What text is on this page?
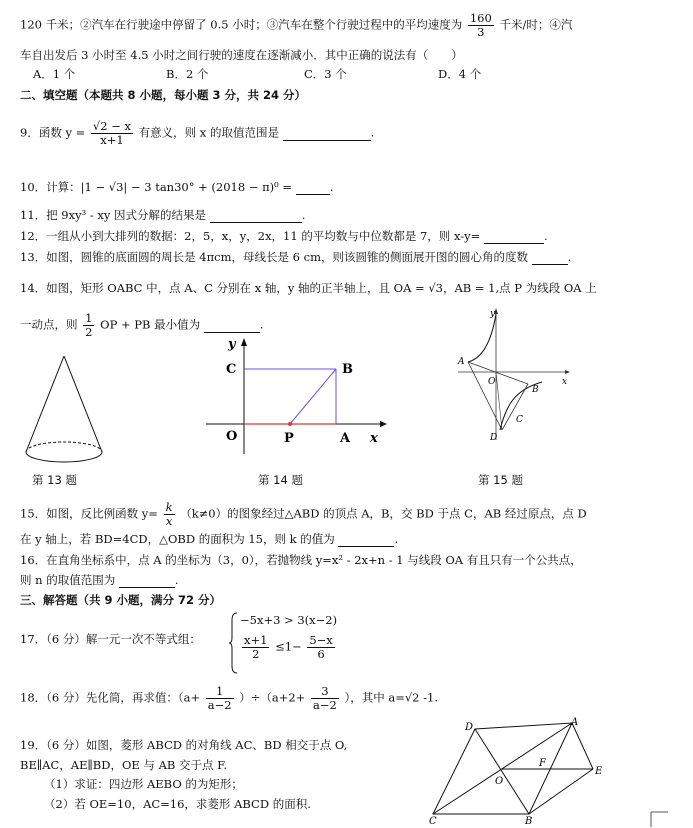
120 千米；②汽车在行驶途中停留了 0.5 小时；③汽车在整个行驶过程中的平均速度为 $\frac{160}{3}$ 千米/时；④汽
车自出发后 3 小时至 4.5 小时之间行驶的速度在逐渐减小．其中正确的说法有（　　）
A．1 个	B．2 个	C．3 个	D．4 个
二、填空题（本题共 8 小题，每小题 3 分，共 24 分）
9．函数 $y = \frac{√2 - x}{x+1}$ 有意义，则 x 的取值范围是	.
10．计算：|1 − √3| − 3 tan30° + (2018 − π)⁰ =	.
11．把 9xy³ - xy 因式分解的结果是	.
12．一组从小到大排列的数据：2，5，x，y，2x，11 的平均数与中位数都是 7，则 x-y=	.
13．如图，圆锥的底面圆的周长是 4πcm，母线长是 6 cm，则该圆锥的侧面展开图的圆心角的度数	.
14．如图，矩形 OABC 中，点 A、C 分别在 x 轴，y 轴的正半轴上，且 OA = √3，AB = 1,点 P 为线段 OA 上
一动点，则 $\frac{1}{2}$ OP + PB 最小值为	.
y
C	B
O	P	A x
y
A
O	x
B
C
D
第 13 题	第 14 题	第 15 题
15．如图，反比例函数 $y= \frac{k}{x} (k\ne 0)$的图象经过△ABD 的顶点 A，B，交 BD 于点 C，AB 经过原点，点 D
在 y 轴上，若 BD=4CD，△OBD 的面积为 15，则 k 的值为	.
16．在直角坐标系中，点 A 的坐标为（3，0），若抛物线 y=x² - 2x+n - 1 与线段 OA 有且只有一个公共点，
则 n 的取值范围为	.
三、解答题（共 9 小题，满分 72 分）
17．（6 分）解一元一次不等式组：
−5x+3 > 3(x−2)
$\frac{x+1}{2} \le 1- \frac{5-x}{6}$
18．（6 分）先化简，再求值：$(a+ \frac{1}{a-2} )\div(a+2+ \frac{3}{a-2}$ ），其中 a=√2 -1.
19．（6 分）如图，菱形 ABCD 的对角线 AC、BD 相交于点 O,
BE∥AC，AE∥BD，OE 与 AB 交于点 F.
（1）求证：四边形 AEBO 的为矩形；
（2）若 OE=10，AC=16，求菱形 ABCD 的面积.
D	A
F
E
O
C	B
